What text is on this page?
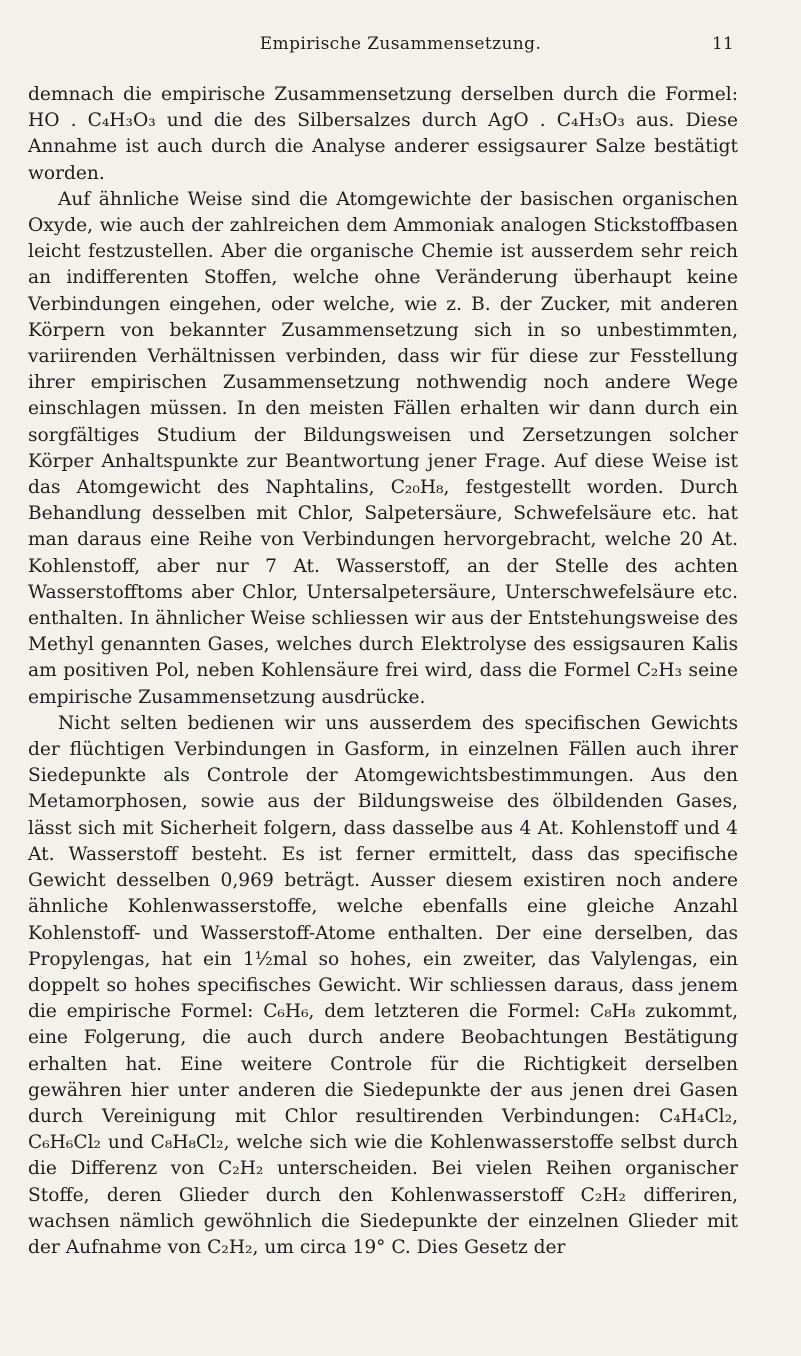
Empirische Zusammensetzung.	11

demnach die empirische Zusammensetzung derselben durch die Formel: HO . C₄H₃O₃ und die des Silbersalzes durch AgO . C₄H₃O₃ aus. Diese Annahme ist auch durch die Analyse anderer essigsaurer Salze bestätigt worden.

Auf ähnliche Weise sind die Atomgewichte der basischen organischen Oxyde, wie auch der zahlreichen dem Ammoniak analogen Stickstoffbasen leicht festzustellen. Aber die organische Chemie ist ausserdem sehr reich an indifferenten Stoffen, welche ohne Veränderung überhaupt keine Verbindungen eingehen, oder welche, wie z. B. der Zucker, mit anderen Körpern von bekannter Zusammensetzung sich in so unbestimmten, variirenden Verhältnissen verbinden, dass wir für diese zur Fesstellung ihrer empirischen Zusammensetzung nothwendig noch andere Wege einschlagen müssen. In den meisten Fällen erhalten wir dann durch ein sorgfältiges Studium der Bildungsweisen und Zersetzungen solcher Körper Anhaltspunkte zur Beantwortung jener Frage. Auf diese Weise ist das Atomgewicht des Naphtalins, C₂₀H₈, festgestellt worden. Durch Behandlung desselben mit Chlor, Salpetersäure, Schwefelsäure etc. hat man daraus eine Reihe von Verbindungen hervorgebracht, welche 20 At. Kohlenstoff, aber nur 7 At. Wasserstoff, an der Stelle des achten Wasserstofftoms aber Chlor, Untersalpetersäure, Unterschwefelsäure etc. enthalten. In ähnlicher Weise schliessen wir aus der Entstehungsweise des Methyl genannten Gases, welches durch Elektrolyse des essigsauren Kalis am positiven Pol, neben Kohlensäure frei wird, dass die Formel C₂H₃ seine empirische Zusammensetzung ausdrücke.

Nicht selten bedienen wir uns ausserdem des specifischen Gewichts der flüchtigen Verbindungen in Gasform, in einzelnen Fällen auch ihrer Siedepunkte als Controle der Atomgewichtsbestimmungen. Aus den Metamorphosen, sowie aus der Bildungsweise des ölbildenden Gases, lässt sich mit Sicherheit folgern, dass dasselbe aus 4 At. Kohlenstoff und 4 At. Wasserstoff besteht. Es ist ferner ermittelt, dass das specifische Gewicht desselben 0,969 beträgt. Ausser diesem existiren noch andere ähnliche Kohlenwasserstoffe, welche ebenfalls eine gleiche Anzahl Kohlenstoff- und Wasserstoff-Atome enthalten. Der eine derselben, das Propylengas, hat ein 1½mal so hohes, ein zweiter, das Valylengas, ein doppelt so hohes specifisches Gewicht. Wir schliessen daraus, dass jenem die empirische Formel: C₆H₆, dem letzteren die Formel: C₈H₈ zukommt, eine Folgerung, die auch durch andere Beobachtungen Bestätigung erhalten hat. Eine weitere Controle für die Richtigkeit derselben gewähren hier unter anderen die Siedepunkte der aus jenen drei Gasen durch Vereinigung mit Chlor resultirenden Verbindungen: C₄H₄Cl₂, C₆H₆Cl₂ und C₈H₈Cl₂, welche sich wie die Kohlenwasserstoffe selbst durch die Differenz von C₂H₂ unterscheiden. Bei vielen Reihen organischer Stoffe, deren Glieder durch den Kohlenwasserstoff C₂H₂ differiren, wachsen nämlich gewöhnlich die Siedepunkte der einzelnen Glieder mit der Aufnahme von C₂H₂, um circa 19° C. Dies Gesetz der
